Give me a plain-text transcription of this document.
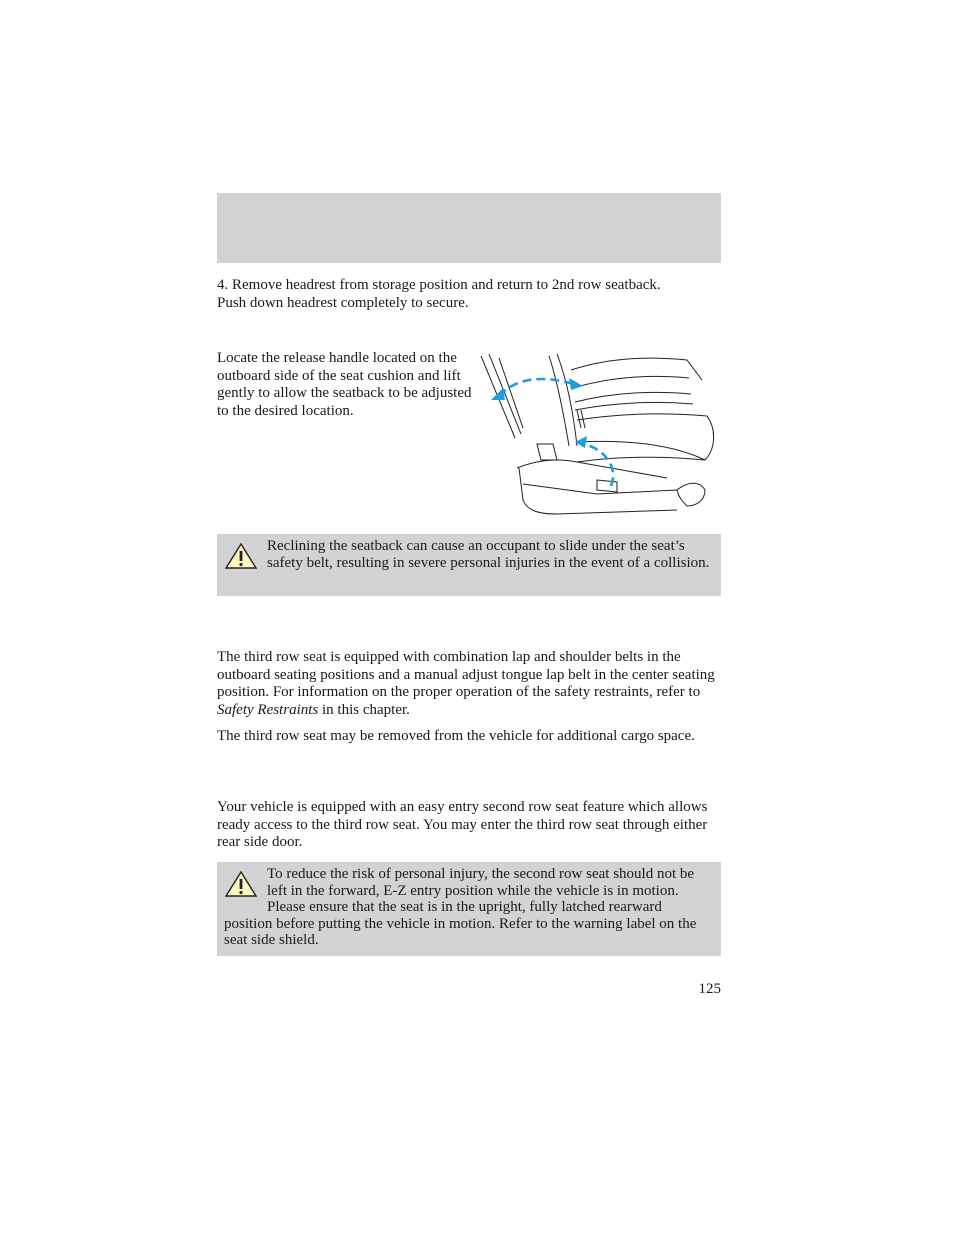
4. Remove headrest from storage position and return to 2nd row seatback. Push down headrest completely to secure.
Locate the release handle located on the outboard side of the seat cushion and lift gently to allow the seatback to be adjusted to the desired location.
Reclining the seatback can cause an occupant to slide under the seat’s safety belt, resulting in severe personal injuries in the event of a collision.
The third row seat is equipped with combination lap and shoulder belts in the outboard seating positions and a manual adjust tongue lap belt in the center seating position. For information on the proper operation of the safety restraints, refer to Safety Restraints in this chapter.
The third row seat may be removed from the vehicle for additional cargo space.
Your vehicle is equipped with an easy entry second row seat feature which allows ready access to the third row seat. You may enter the third row seat through either rear side door.
To reduce the risk of personal injury, the second row seat should not be left in the forward, E-Z entry position while the vehicle is in motion. Please ensure that the seat is in the upright, fully latched rearward position before putting the vehicle in motion. Refer to the warning label on the seat side shield.
125
